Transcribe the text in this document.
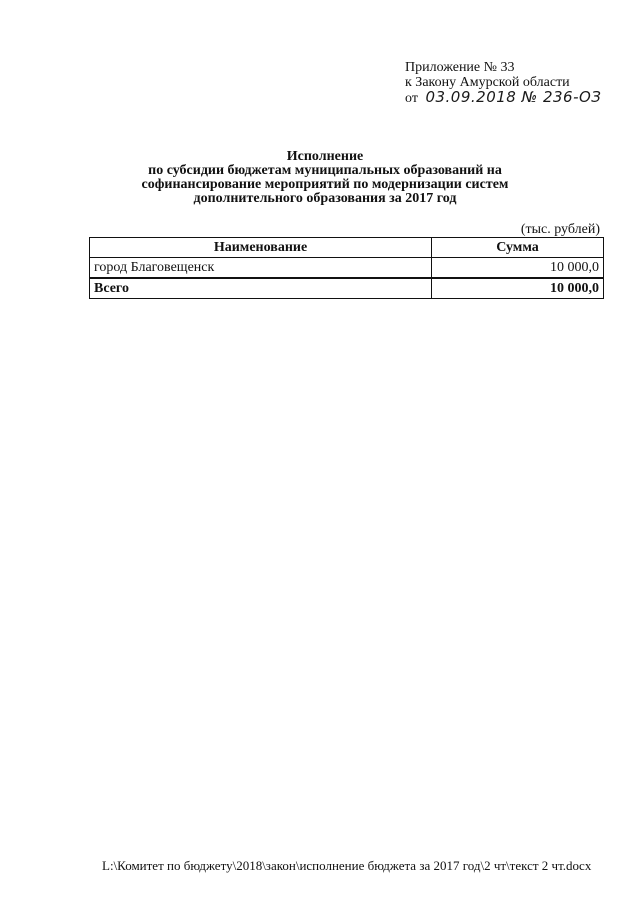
Приложение № 33
к Закону Амурской области
от 03.09.2018 № 236-ОЗ
Исполнение
по субсидии бюджетам муниципальных образований на
софинансирование мероприятий по модернизации систем
дополнительного образования за 2017 год
(тыс. рублей)
Наименование	Сумма
город Благовещенск	10 000,0
Всего	10 000,0
L:\Комитет по бюджету\2018\закон\исполнение бюджета за 2017 год\2 чт\текст 2 чт.docx
